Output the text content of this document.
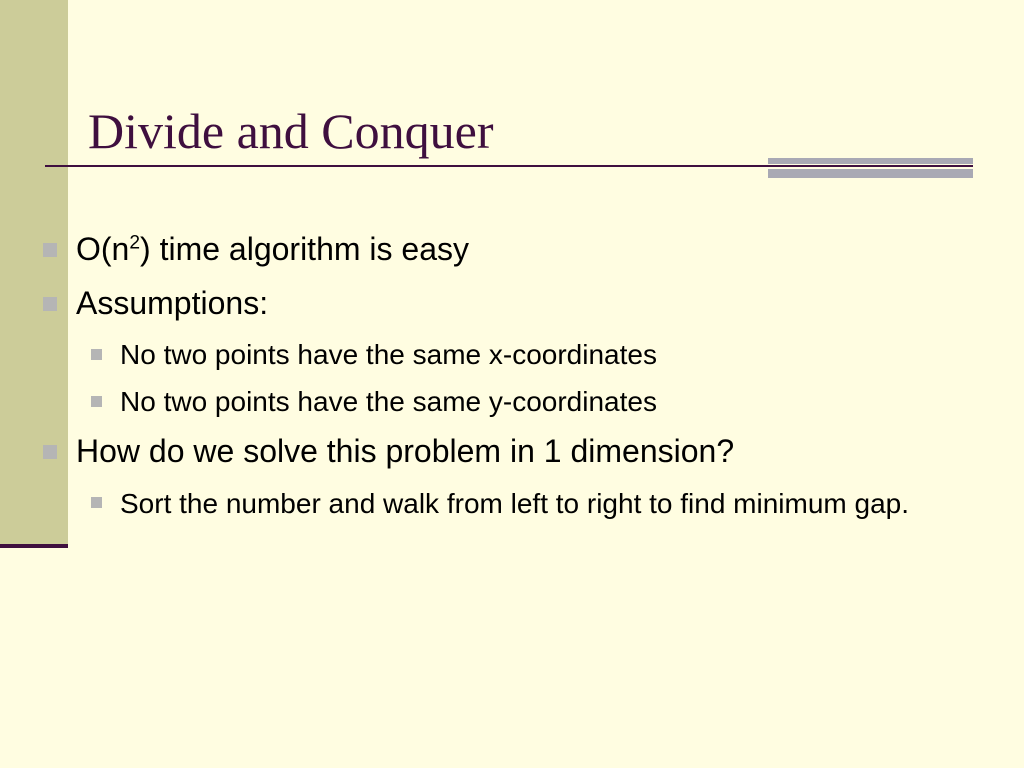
Divide and Conquer
$O(n^2)$ time algorithm is easy
Assumptions:
No two points have the same x-coordinates
No two points have the same y-coordinates
How do we solve this problem in 1 dimension?
Sort the number and walk from left to right to find minimum gap.
